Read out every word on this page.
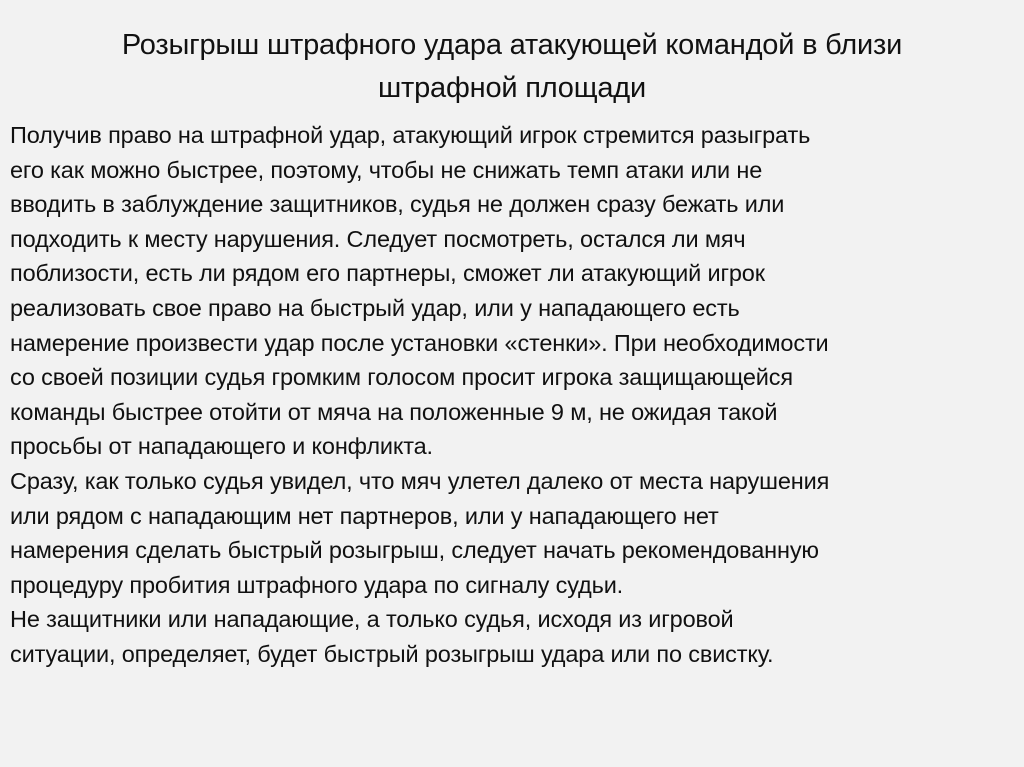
Розыгрыш штрафного удара атакующей командой в близи
штрафной площади
Получив право на штрафной удар, атакующий игрок стремится разыграть
его как можно быстрее, поэтому, чтобы не снижать темп атаки или не
вводить в заблуждение защитников, судья не должен сразу бежать или
подходить к месту нарушения. Следует посмотреть, остался ли мяч
поблизости, есть ли рядом его партнеры, сможет ли атакующий игрок
реализовать свое право на быстрый удар, или у нападающего есть
намерение произвести удар после установки «стенки». При необходимости
со своей позиции судья громким голосом просит игрока защищающейся
команды быстрее отойти от мяча на положенные 9 м, не ожидая такой
просьбы от нападающего и конфликта.
Сразу, как только судья увидел, что мяч улетел далеко от места нарушения
или рядом с нападающим нет партнеров, или у нападающего нет
намерения сделать быстрый розыгрыш, следует начать рекомендованную
процедуру пробития штрафного удара по сигналу судьи.
Не защитники или нападающие, а только судья, исходя из игровой
ситуации, определяет, будет быстрый розыгрыш удара или по свистку.
